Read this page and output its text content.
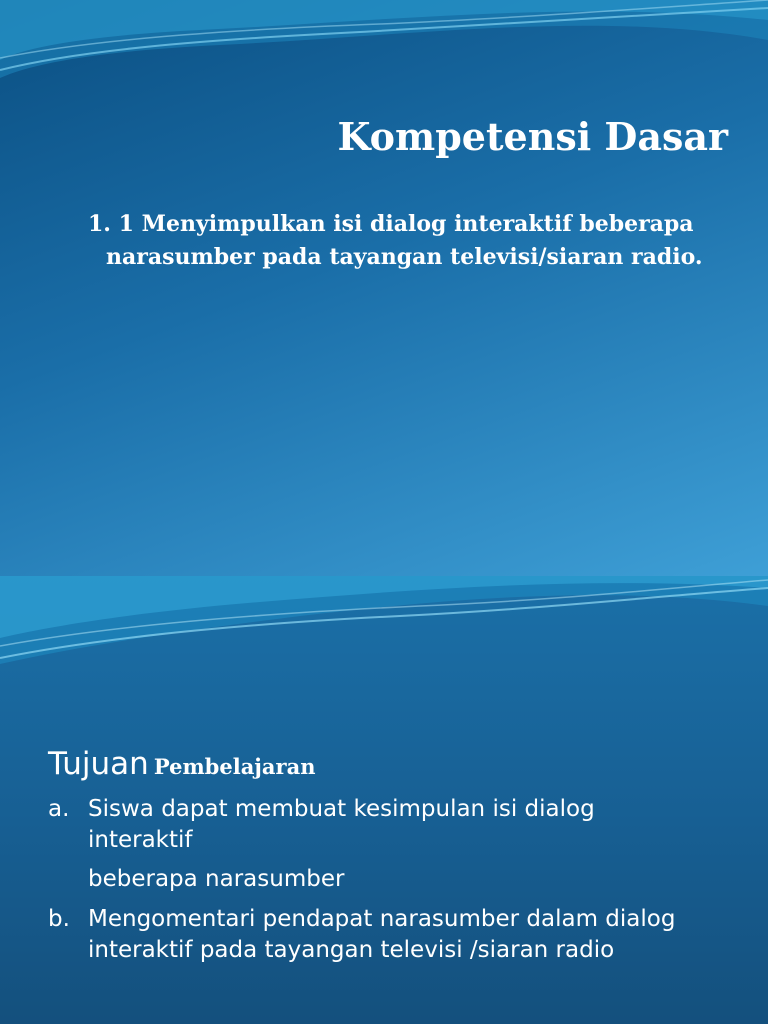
Kompetensi Dasar
1. 1 Menyimpulkan isi dialog interaktif beberapa
narasumber pada tayangan televisi/siaran radio.
Tujuan Pembelajaran
a. Siswa dapat membuat kesimpulan isi dialog
interaktif
beberapa narasumber
b. Mengomentari pendapat narasumber dalam dialog
interaktif pada tayangan televisi /siaran radio
